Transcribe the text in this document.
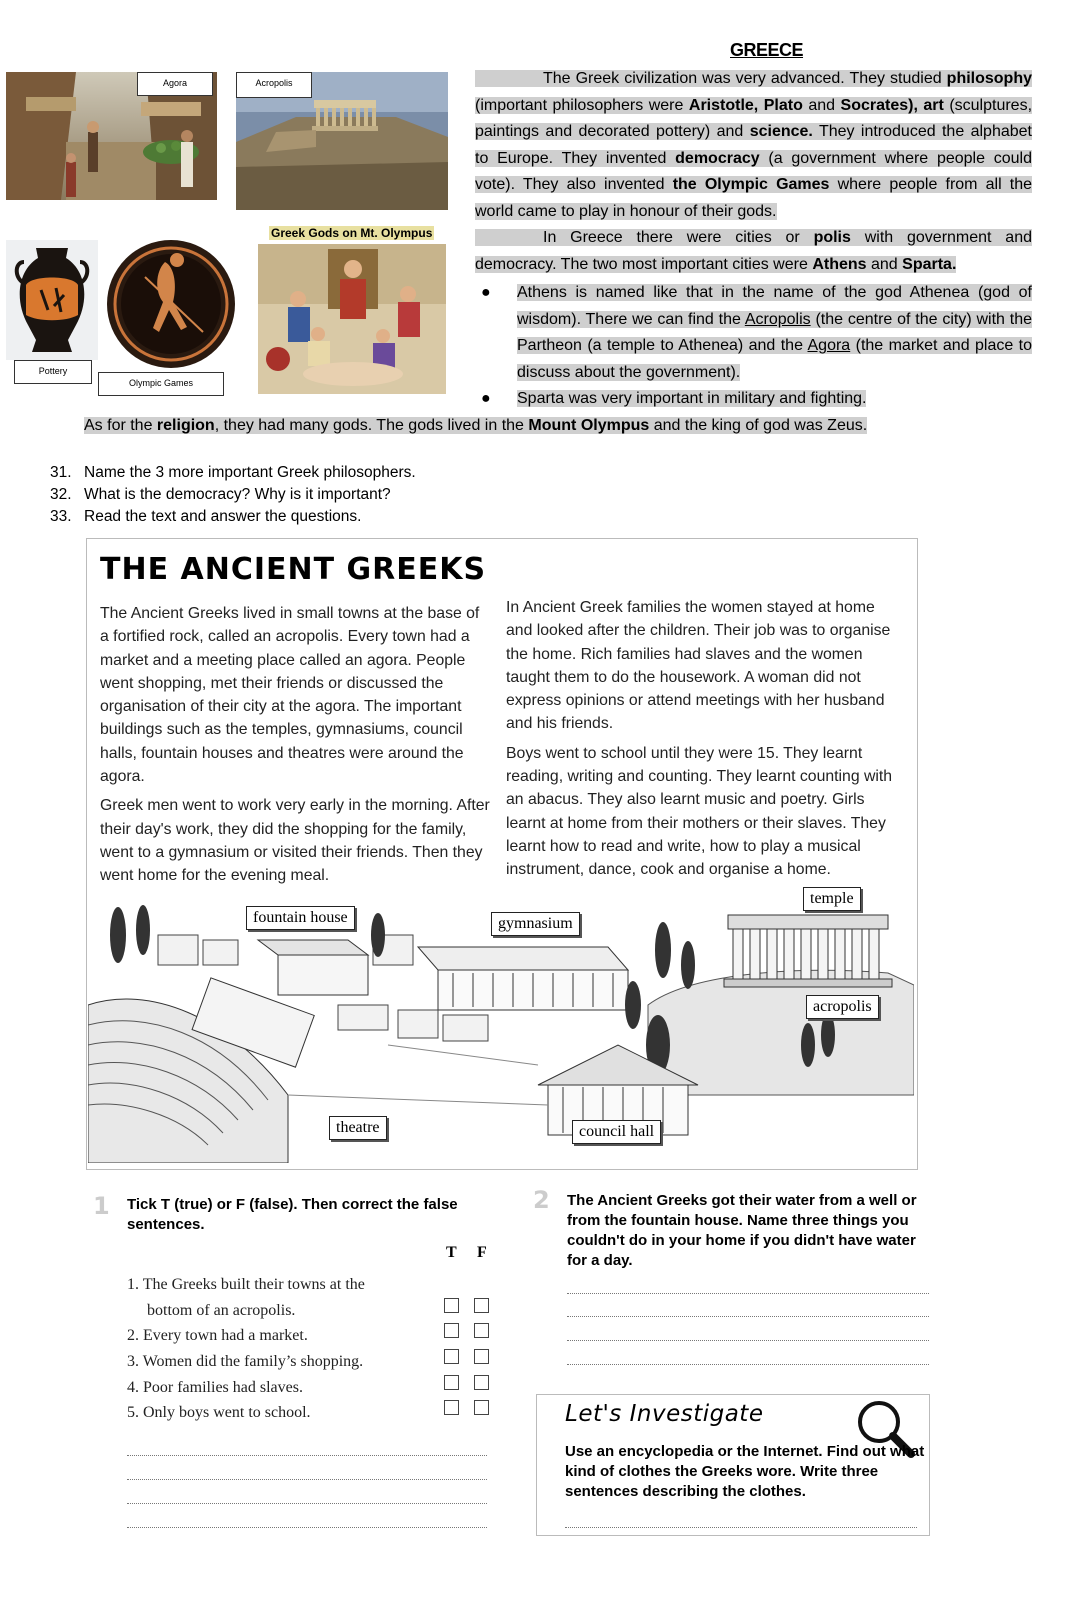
Agora	Acropolis
Pottery
Olympic Games
Greek Gods on Mt. Olympus
GREECE

The Greek civilization was very advanced. They studied philosophy (important philosophers were Aristotle, Plato and Socrates), art (sculptures, paintings and decorated pottery) and science. They introduced the alphabet to Europe. They invented democracy (a government where people could vote). They also invented the Olympic Games where people from all the world came to play in honour of their gods.

In Greece there were cities or polis with government and democracy. The two most important cities were Athens and Sparta.

● Athens is named like that in the name of the god Athenea (god of wisdom). There we can find the Acropolis (the centre of the city) with the Partheon (a temple to Athenea) and the Agora (the market and place to discuss about the government).
● Sparta was very important in military and fighting.
As for the religion, they had many gods. The gods lived in the Mount Olympus and the king of god was Zeus.
31. Name the 3 more important Greek philosophers.
32. What is the democracy? Why is it important?
33. Read the text and answer the questions.
THE ANCIENT GREEKS

The Ancient Greeks lived in small towns at the base of a fortified rock, called an acropolis. Every town had a market and a meeting place called an agora. People went shopping, met their friends or discussed the organisation of their city at the agora. The important buildings such as the temples, gymnasiums, council halls, fountain houses and theatres were around the agora.

Greek men went to work very early in the morning. After their day's work, they did the shopping for the family, went to a gymnasium or visited their friends. Then they went home for the evening meal.

In Ancient Greek families the women stayed at home and looked after the children. Their job was to organise the home. Rich families had slaves and the women taught them to do the housework. A woman did not express opinions or attend meetings with her husband and his friends.

Boys went to school until they were 15. They learnt reading, writing and counting. They learnt counting with an abacus. They also learnt music and poetry. Girls learnt at home from their mothers or their slaves. They learnt how to read and write, how to play a musical instrument, dance, cook and organise a home.

fountain house	gymnasium
temple
acropolis
theatre	council hall
1 Tick T (true) or F (false). Then correct the false sentences.
T F
1. The Greeks built their towns at the
bottom of an acropolis.
2. Every town had a market.
3. Women did the family’s shopping.
4. Poor families had slaves.
5. Only boys went to school.
2 The Ancient Greeks got their water from a well or from the fountain house. Name three things you couldn't do in your home if you didn't have water for a day.
Let's Investigate
Use an encyclopedia or the Internet. Find out what kind of clothes the Greeks wore. Write three sentences describing the clothes.
